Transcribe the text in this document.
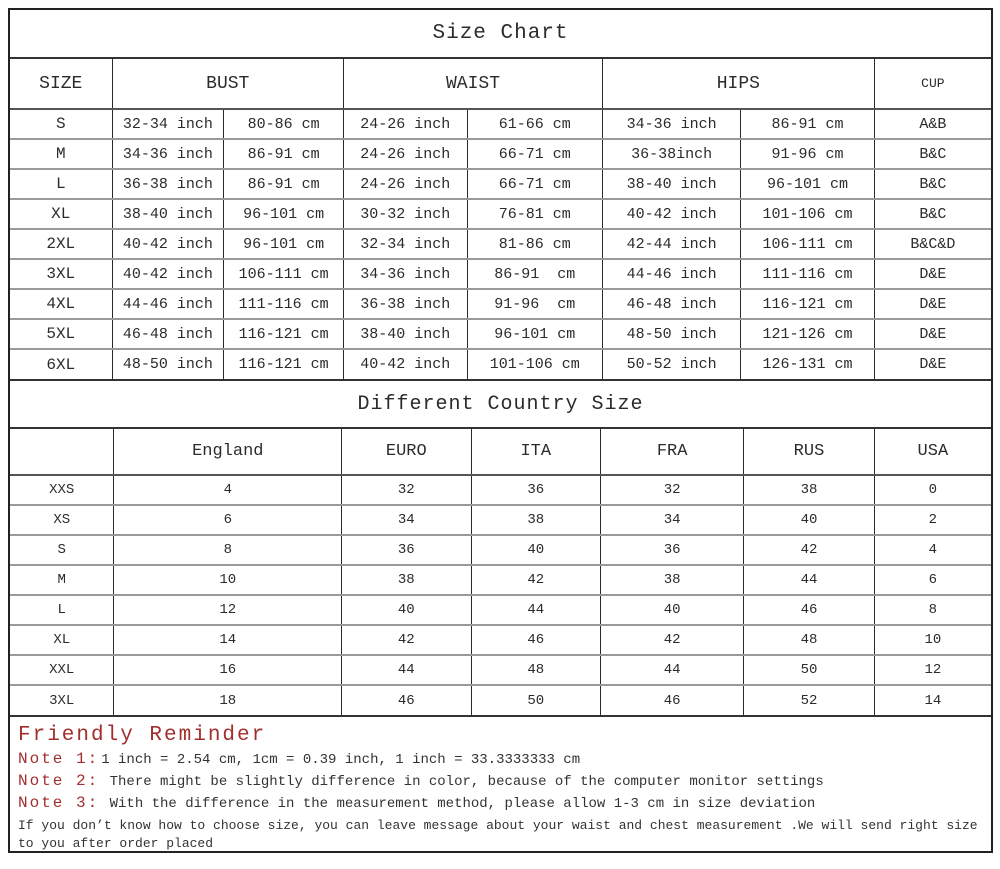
Size Chart
SIZE	BUST		WAIST		HIPS		CUP
S	32-34 inch	80-86 cm	24-26 inch	61-66 cm	34-36 inch	86-91 cm	A&B
M	34-36 inch	86-91 cm	24-26 inch	66-71 cm	36-38inch	91-96 cm	B&C
L	36-38 inch	86-91 cm	24-26 inch	66-71 cm	38-40 inch	96-101 cm	B&C
XL	38-40 inch	96-101 cm	30-32 inch	76-81 cm	40-42 inch	101-106 cm	B&C
2XL	40-42 inch	96-101 cm	32-34 inch	81-86 cm	42-44 inch	106-111 cm	B&C&D
3XL	40-42 inch	106-111 cm	34-36 inch	86-91  cm	44-46 inch	111-116 cm	D&E
4XL	44-46 inch	111-116 cm	36-38 inch	91-96  cm	46-48 inch	116-121 cm	D&E
5XL	46-48 inch	116-121 cm	38-40 inch	96-101 cm	48-50 inch	121-126 cm	D&E
6XL	48-50 inch	116-121 cm	40-42 inch	101-106 cm	50-52 inch	126-131 cm	D&E
Different Country Size
	England	EURO	ITA	FRA	RUS	USA
XXS	4	32	36	32	38	0
XS	6	34	38	34	40	2
S	8	36	40	36	42	4
M	10	38	42	38	44	6
L	12	40	44	40	46	8
XL	14	42	46	42	48	10
XXL	16	44	48	44	50	12
3XL	18	46	50	46	52	14
Friendly Reminder

Note 1: 1 inch = 2.54 cm, 1cm = 0.39 inch, 1 inch = 33.3333333 cm

Note 2: There might be slightly difference in color, because of the computer monitor settings

Note 3: With the difference in the measurement method, please allow 1-3 cm in size deviation

If you don’t know how to choose size, you can leave message about your waist and chest measurement .We will send right size to you after order placed
